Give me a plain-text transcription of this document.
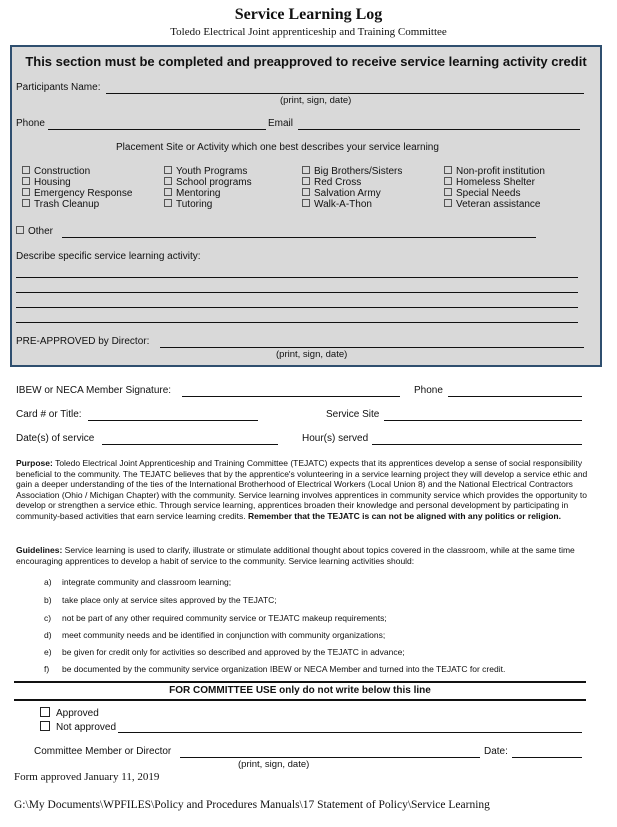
Service Learning Log
Toledo Electrical Joint apprenticeship and Training Committee
This section must be completed and preapproved to receive service learning activity credit
Participants Name:
(print, sign, date)
Phone	Email
Placement Site or Activity which one best describes your service learning
Construction
Housing
Emergency Response
Trash Cleanup
Youth Programs
School programs
Mentoring
Tutoring
Big Brothers/Sisters
Red Cross
Salvation Army
Walk-A-Thon
Non-profit institution
Homeless Shelter
Special Needs
Veteran assistance
Other
Describe specific service learning activity:
PRE-APPROVED by Director:
(print, sign, date)
IBEW or NECA Member Signature:	Phone
Card # or Title:	Service Site
Date(s) of service	Hour(s) served
Purpose: Toledo Electrical Joint Apprenticeship and Training Committee (TEJATC) expects that its apprentices develop a sense of social responsibility beneficial to the community. The TEJATC believes that by the apprentice's volunteering in a service learning project they will develop a service ethic and gain a deeper understanding of the ties of the International Brotherhood of Electrical Workers (Local Union 8) and the National Electrical Contractors Association (Ohio / Michigan Chapter) with the community. Service learning involves apprentices in community service which provides the opportunity to develop or strengthen a service ethic. Through service learning, apprentices broaden their knowledge and personal development by participating in community-based activities that earn service learning credits. Remember that the TEJATC is can not be aligned with any politics or religion.
Guidelines: Service learning is used to clarify, illustrate or stimulate additional thought about topics covered in the classroom, while at the same time encouraging apprentices to develop a habit of service to the community. Service learning activities should:
a) integrate community and classroom learning;
b) take place only at service sites approved by the TEJATC;
c) not be part of any other required community service or TEJATC makeup requirements;
d) meet community needs and be identified in conjunction with community organizations;
e) be given for credit only for activities so described and approved by the TEJATC in advance;
f) be documented by the community service organization IBEW or NECA Member and turned into the TEJATC for credit.
FOR COMMITTEE USE only do not write below this line
Approved
Not approved
Committee Member or Director	Date:
(print, sign, date)
Form approved January 11, 2019
G:\My Documents\WPFILES\Policy and Procedures Manuals\17 Statement of Policy\Service Learning
